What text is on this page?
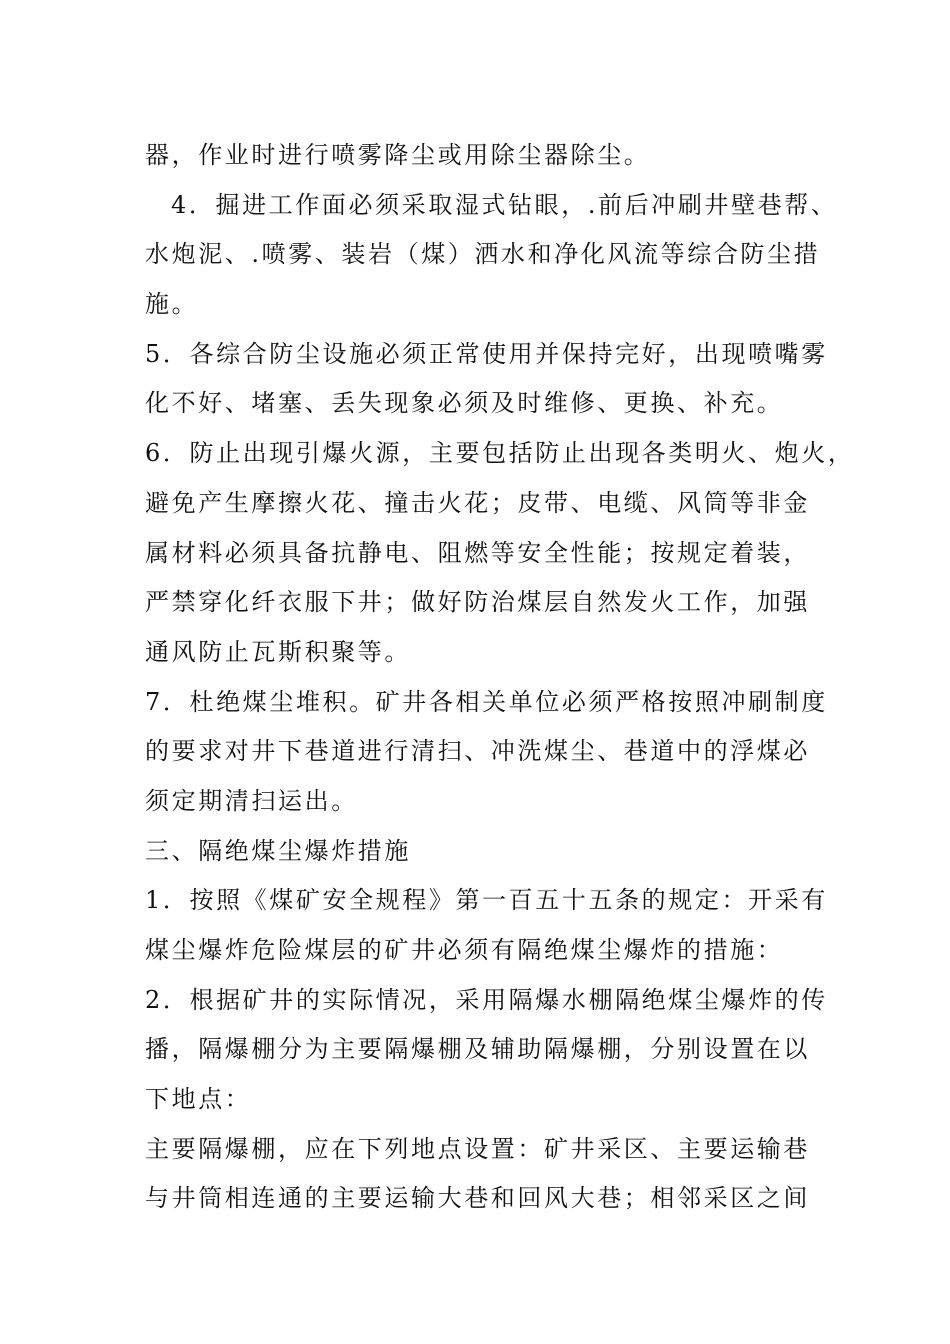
器，作业时进行喷雾降尘或用除尘器除尘。
4．掘进工作面必须采取湿式钻眼，.前后冲刷井壁巷帮、
水炮泥、.喷雾、装岩（煤）洒水和净化风流等综合防尘措
施。
5．各综合防尘设施必须正常使用并保持完好，出现喷嘴雾
化不好、堵塞、丢失现象必须及时维修、更换、补充。
6．防止出现引爆火源，主要包括防止出现各类明火、炮火，
避免产生摩擦火花、撞击火花；皮带、电缆、风筒等非金
属材料必须具备抗静电、阻燃等安全性能；按规定着装，
严禁穿化纤衣服下井；做好防治煤层自然发火工作，加强
通风防止瓦斯积聚等。
7．杜绝煤尘堆积。矿井各相关单位必须严格按照冲刷制度
的要求对井下巷道进行清扫、冲洗煤尘、巷道中的浮煤必
须定期清扫运出。
三、隔绝煤尘爆炸措施
1．按照《煤矿安全规程》第一百五十五条的规定：开采有
煤尘爆炸危险煤层的矿井必须有隔绝煤尘爆炸的措施：
2．根据矿井的实际情况，采用隔爆水棚隔绝煤尘爆炸的传
播，隔爆棚分为主要隔爆棚及辅助隔爆棚，分别设置在以
下地点：
主要隔爆棚，应在下列地点设置：矿井采区、主要运输巷
与井筒相连通的主要运输大巷和回风大巷；相邻采区之间
